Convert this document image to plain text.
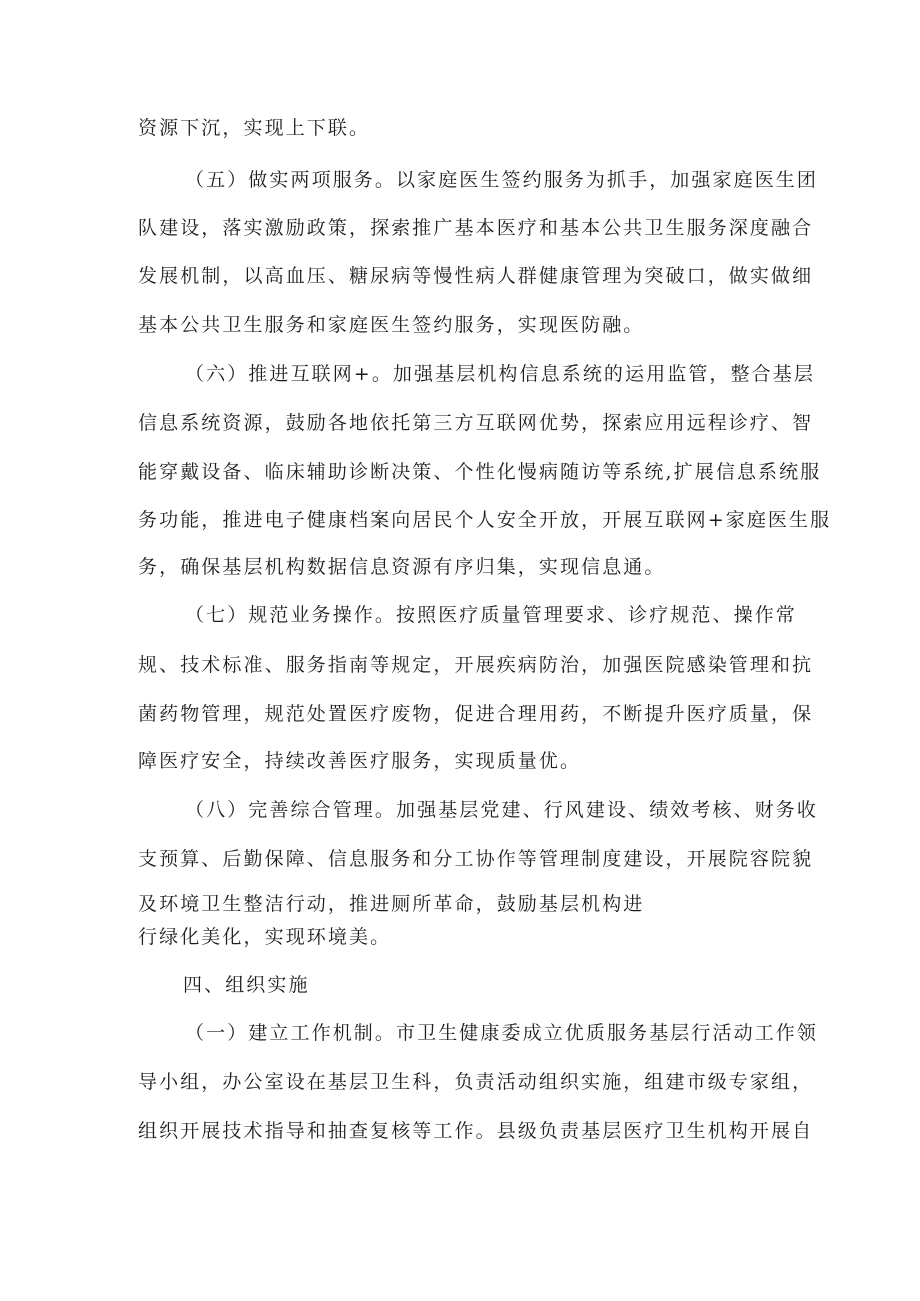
资源下沉，实现上下联。
（五）做实两项服务。以家庭医生签约服务为抓手，加强家庭医生团
队建设，落实激励政策，探索推广基本医疗和基本公共卫生服务深度融合
发展机制，以高血压、糖尿病等慢性病人群健康管理为突破口，做实做细
基本公共卫生服务和家庭医生签约服务，实现医防融。
（六）推进互联网+。加强基层机构信息系统的运用监管，整合基层
信息系统资源，鼓励各地依托第三方互联网优势，探索应用远程诊疗、智
能穿戴设备、临床辅助诊断决策、个性化慢病随访等系统,扩展信息系统服
务功能，推进电子健康档案向居民个人安全开放，开展互联网+家庭医生服
务，确保基层机构数据信息资源有序归集，实现信息通。
（七）规范业务操作。按照医疗质量管理要求、诊疗规范、操作常
规、技术标准、服务指南等规定，开展疾病防治，加强医院感染管理和抗
菌药物管理，规范处置医疗废物，促进合理用药，不断提升医疗质量，保
障医疗安全，持续改善医疗服务，实现质量优。
（八）完善综合管理。加强基层党建、行风建设、绩效考核、财务收
支预算、后勤保障、信息服务和分工协作等管理制度建设，开展院容院貌
及环境卫生整洁行动，推进厕所革命，鼓励基层机构进
行绿化美化，实现环境美。
四、组织实施
（一）建立工作机制。市卫生健康委成立优质服务基层行活动工作领
导小组，办公室设在基层卫生科，负责活动组织实施，组建市级专家组，
组织开展技术指导和抽查复核等工作。县级负责基层医疗卫生机构开展自
